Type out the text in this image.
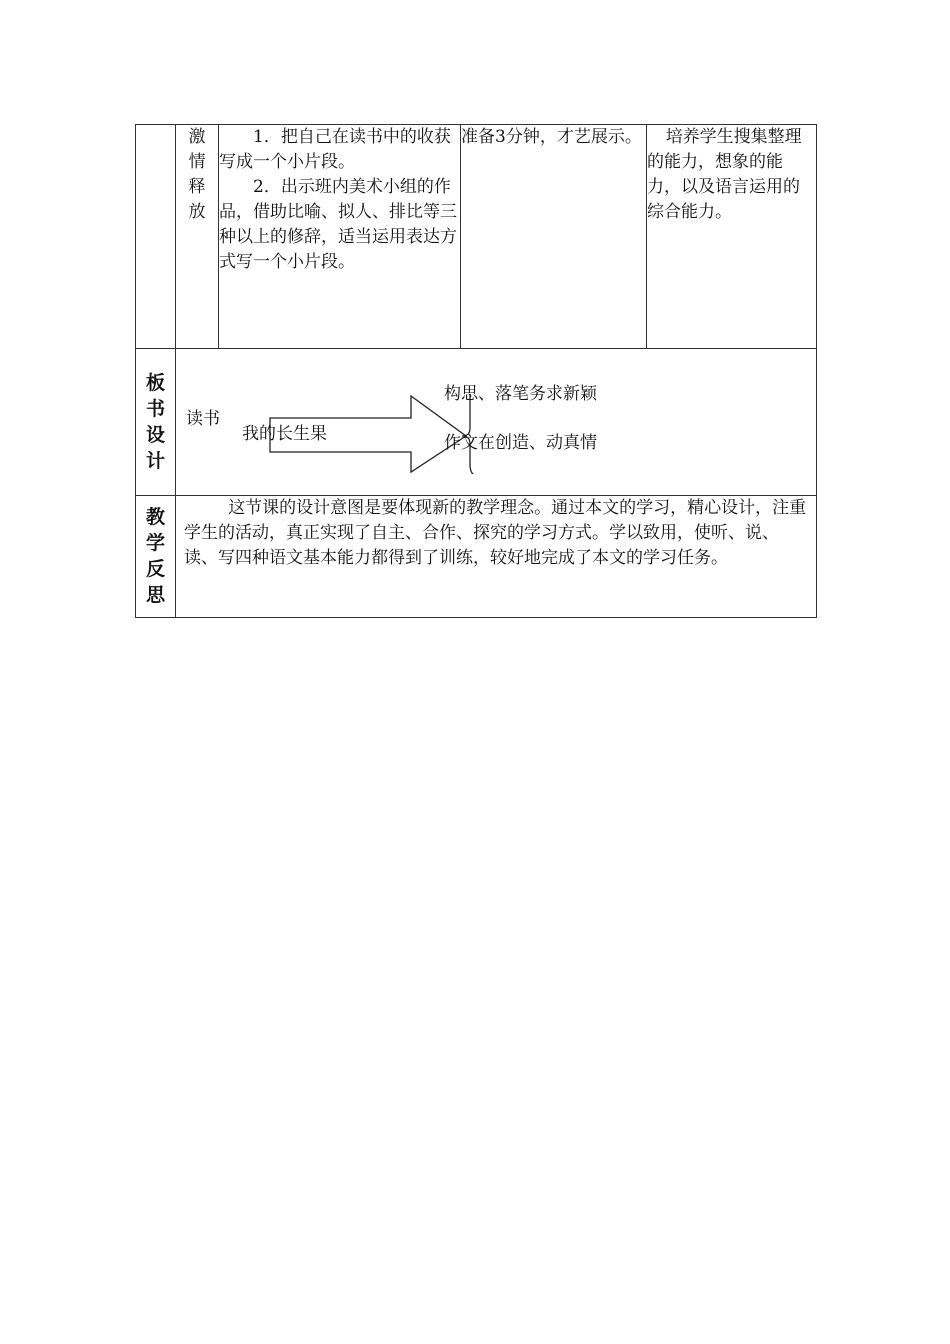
	激情释放	1．把自己在读书中的收获写成一个小片段。

2．出示班内美术小组的作品，借助比喻、拟人、排比等三种以上的修辞，适当运用表达方式写一个小片段。	准备3分钟，才艺展示。	培养学生搜集整理的能力，想象的能力，以及语言运用的综合能力。

板书设计	读书
我的长生果
构思、落笔务求新颖
作文在创造、动真情			

教学反思	这节课的设计意图是要体现新的教学理念。通过本文的学习，精心设计，注重学生的活动，真正实现了自主、合作、探究的学习方式。学以致用，使听、说、读、写四种语文基本能力都得到了训练，较好地完成了本文的学习任务。			
